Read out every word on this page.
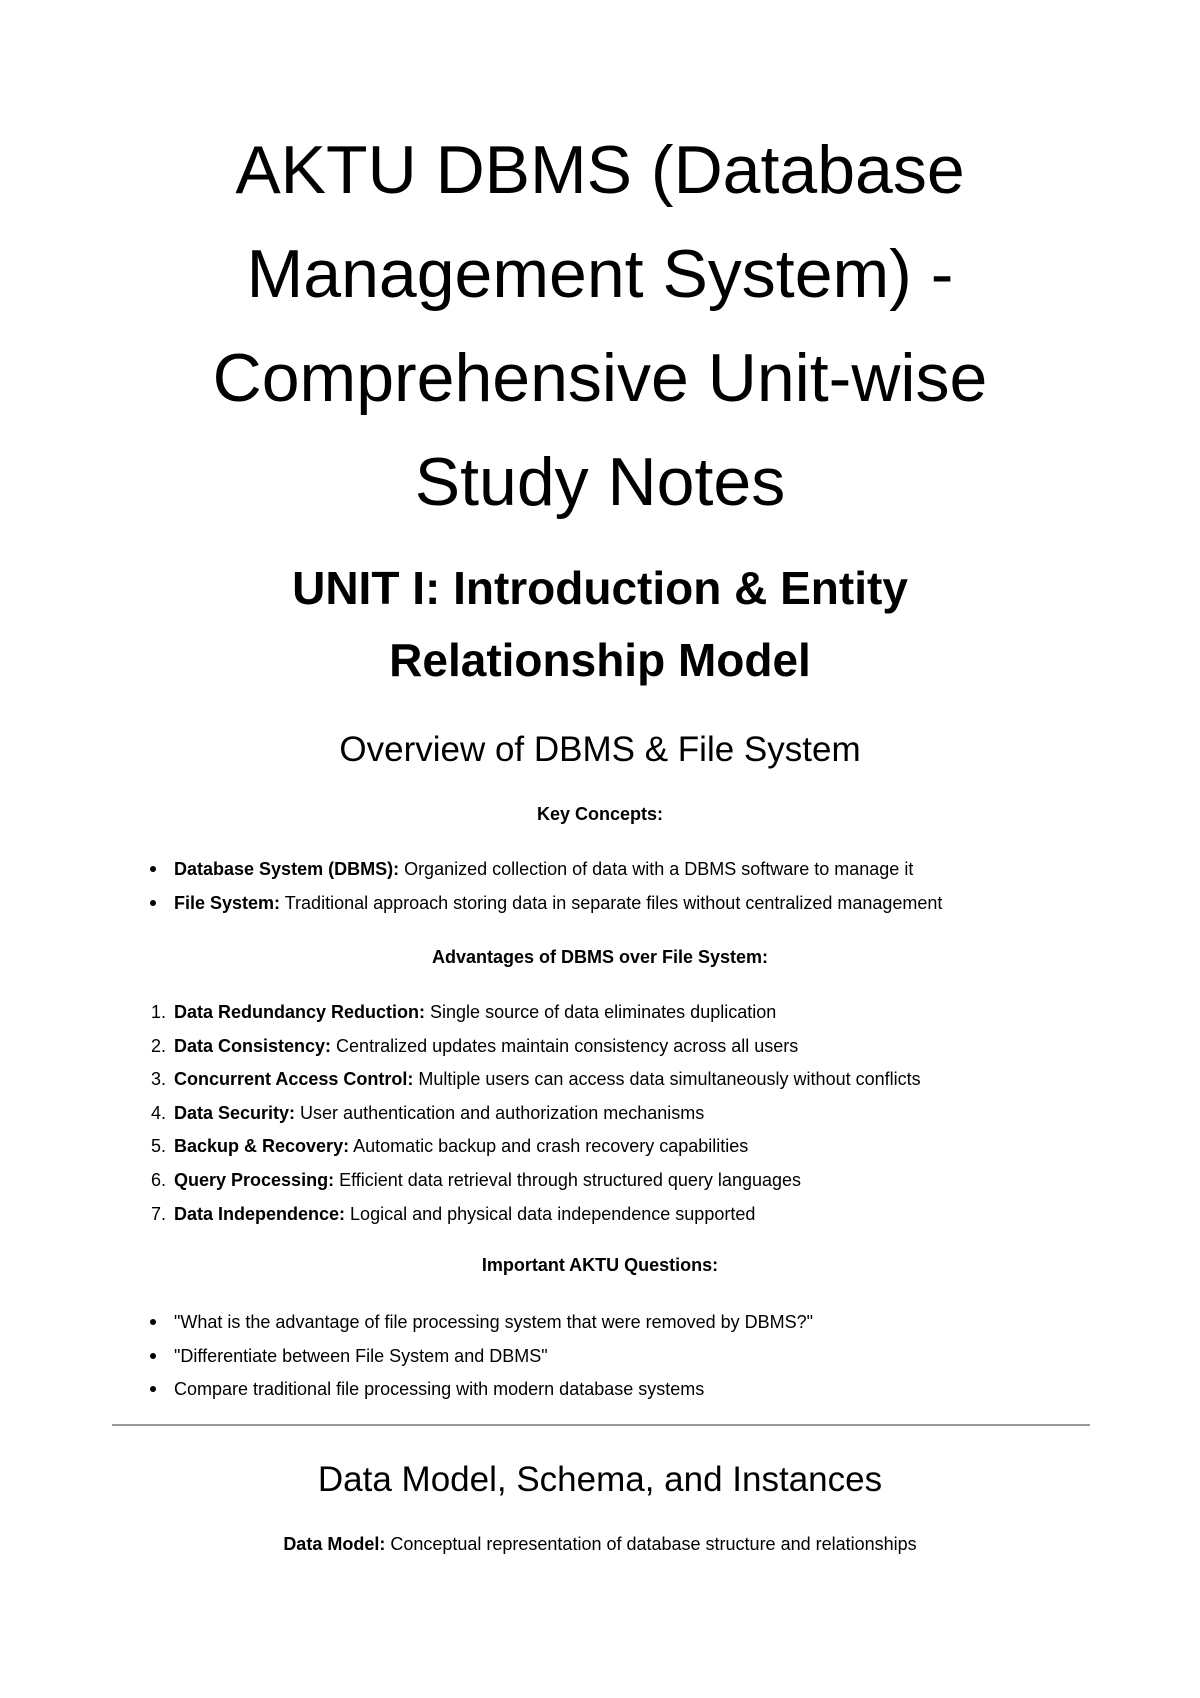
AKTU DBMS (Database Management System) - Comprehensive Unit-wise Study Notes
UNIT I: Introduction & Entity Relationship Model
Overview of DBMS & File System
Key Concepts:
Database System (DBMS): Organized collection of data with a DBMS software to manage it
File System: Traditional approach storing data in separate files without centralized management
Advantages of DBMS over File System:
1. Data Redundancy Reduction: Single source of data eliminates duplication
2. Data Consistency: Centralized updates maintain consistency across all users
3. Concurrent Access Control: Multiple users can access data simultaneously without conflicts
4. Data Security: User authentication and authorization mechanisms
5. Backup & Recovery: Automatic backup and crash recovery capabilities
6. Query Processing: Efficient data retrieval through structured query languages
7. Data Independence: Logical and physical data independence supported
Important AKTU Questions:
"What is the advantage of file processing system that were removed by DBMS?"
"Differentiate between File System and DBMS"
Compare traditional file processing with modern database systems
Data Model, Schema, and Instances

Data Model: Conceptual representation of database structure and relationships
